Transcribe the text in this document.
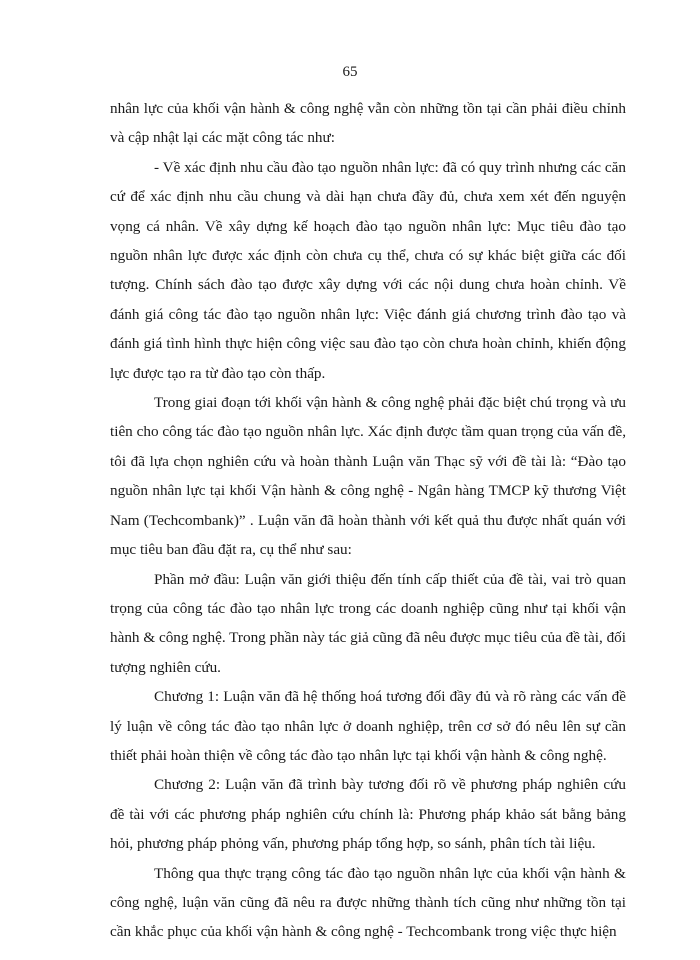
65

nhân lực của khối vận hành & công nghệ vẫn còn những tồn tại cần phải điều chỉnh và cập nhật lại các mặt công tác như:

- Về xác định nhu cầu đào tạo nguồn nhân lực: đã có quy trình nhưng các căn cứ để xác định nhu cầu chung và dài hạn chưa đầy đủ, chưa xem xét đến nguyện vọng cá nhân. Về xây dựng kế hoạch đào tạo nguồn nhân lực: Mục tiêu đào tạo nguồn nhân lực được xác định còn chưa cụ thể, chưa có sự khác biệt giữa các đối tượng. Chính sách đào tạo được xây dựng với các nội dung chưa hoàn chỉnh. Về đánh giá công tác đào tạo nguồn nhân lực: Việc đánh giá chương trình đào tạo và đánh giá tình hình thực hiện công việc sau đào tạo còn chưa hoàn chỉnh, khiến động lực được tạo ra từ đào tạo còn thấp.

Trong giai đoạn tới khối vận hành & công nghệ phải đặc biệt chú trọng và ưu tiên cho công tác đào tạo nguồn nhân lực. Xác định được tầm quan trọng của vấn đề, tôi đã lựa chọn nghiên cứu và hoàn thành Luận văn Thạc sỹ với đề tài là: “Đào tạo nguồn nhân lực tại khối Vận hành & công nghệ - Ngân hàng TMCP kỹ thương Việt Nam (Techcombank)” . Luận văn đã hoàn thành với kết quả thu được nhất quán với mục tiêu ban đầu đặt ra, cụ thể như sau:

Phần mở đầu: Luận văn giới thiệu đến tính cấp thiết của đề tài, vai trò quan trọng của công tác đào tạo nhân lực trong các doanh nghiệp cũng như tại khối vận hành & công nghệ. Trong phần này tác giả cũng đã nêu được mục tiêu của đề tài, đối tượng nghiên cứu.

Chương 1: Luận văn đã hệ thống hoá tương đối đầy đủ và rõ ràng các vấn đề lý luận về công tác đào tạo nhân lực ở doanh nghiệp, trên cơ sở đó nêu lên sự cần thiết phải hoàn thiện về công tác đào tạo nhân lực tại khối vận hành & công nghệ.

Chương 2: Luận văn đã trình bày tương đối rõ về phương pháp nghiên cứu đề tài với các phương pháp nghiên cứu chính là: Phương pháp khảo sát bằng bảng hỏi, phương pháp phỏng vấn, phương pháp tổng hợp, so sánh, phân tích tài liệu.

Thông qua thực trạng công tác đào tạo nguồn nhân lực của khối vận hành & công nghệ, luận văn cũng đã nêu ra được những thành tích cũng như những tồn tại cần khắc phục của khối vận hành & công nghệ - Techcombank trong việc thực hiện
